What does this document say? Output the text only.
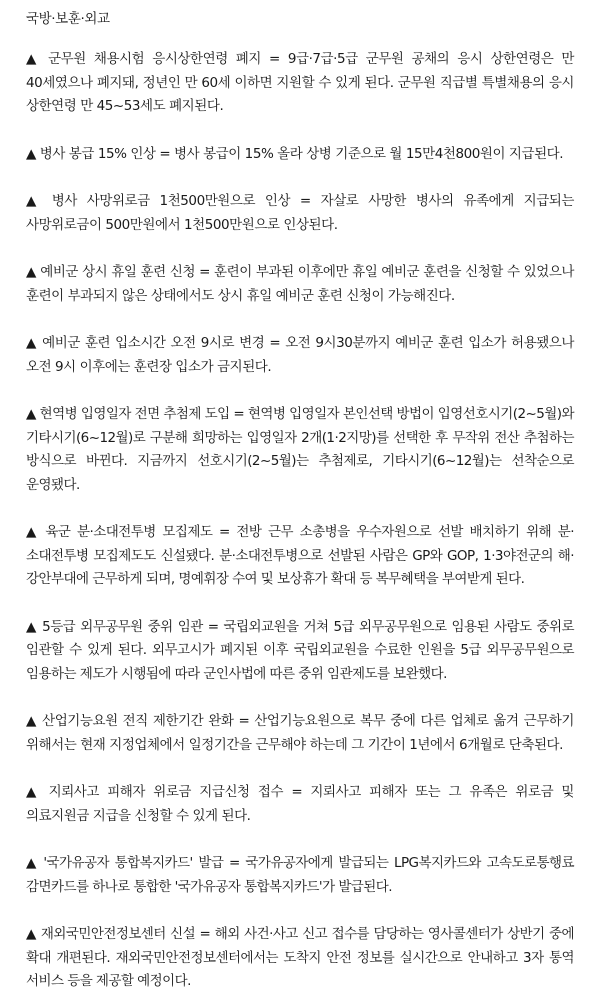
국방·보훈·외교

▲ 군무원 채용시험 응시상한연령 폐지 = 9급·7급·5급 군무원 공채의 응시 상한연령은 만 40세였으나 폐지돼, 정년인 만 60세 이하면 지원할 수 있게 된다. 군무원 직급별 특별채용의 응시 상한연령 만 45~53세도 폐지된다.

▲ 병사 봉급 15% 인상 = 병사 봉급이 15% 올라 상병 기준으로 월 15만4천800원이 지급된다.

▲ 병사 사망위로금 1천500만원으로 인상 = 자살로 사망한 병사의 유족에게 지급되는 사망위로금이 500만원에서 1천500만원으로 인상된다.

▲ 예비군 상시 휴일 훈련 신청 = 훈련이 부과된 이후에만 휴일 예비군 훈련을 신청할 수 있었으나 훈련이 부과되지 않은 상태에서도 상시 휴일 예비군 훈련 신청이 가능해진다.

▲ 예비군 훈련 입소시간 오전 9시로 변경 = 오전 9시30분까지 예비군 훈련 입소가 허용됐으나 오전 9시 이후에는 훈련장 입소가 금지된다.

▲ 현역병 입영일자 전면 추첨제 도입 = 현역병 입영일자 본인선택 방법이 입영선호시기(2~5월)와 기타시기(6~12월)로 구분해 희망하는 입영일자 2개(1·2지망)를 선택한 후 무작위 전산 추첨하는 방식으로 바뀐다. 지금까지 선호시기(2~5월)는 추첨제로, 기타시기(6~12월)는 선착순으로 운영됐다.

▲ 육군 분·소대전투병 모집제도 = 전방 근무 소총병을 우수자원으로 선발 배치하기 위해 분·소대전투병 모집제도도 신설됐다. 분·소대전투병으로 선발된 사람은 GP와 GOP, 1·3야전군의 해·강안부대에 근무하게 되며, 명예휘장 수여 및 보상휴가 확대 등 복무혜택을 부여받게 된다.

▲ 5등급 외무공무원 중위 임관 = 국립외교원을 거쳐 5급 외무공무원으로 임용된 사람도 중위로 임관할 수 있게 된다. 외무고시가 폐지된 이후 국립외교원을 수료한 인원을 5급 외무공무원으로 임용하는 제도가 시행됨에 따라 군인사법에 따른 중위 임관제도를 보완했다.

▲ 산업기능요원 전직 제한기간 완화 = 산업기능요원으로 복무 중에 다른 업체로 옮겨 근무하기 위해서는 현재 지정업체에서 일정기간을 근무해야 하는데 그 기간이 1년에서 6개월로 단축된다.

▲ 지뢰사고 피해자 위로금 지급신청 접수 = 지뢰사고 피해자 또는 그 유족은 위로금 및 의료지원금 지급을 신청할 수 있게 된다.

▲ '국가유공자 통합복지카드' 발급 = 국가유공자에게 발급되는 LPG복지카드와 고속도로통행료 감면카드를 하나로 통합한 '국가유공자 통합복지카드'가 발급된다.

▲ 재외국민안전정보센터 신설 = 해외 사건·사고 신고 접수를 담당하는 영사콜센터가 상반기 중에 확대 개편된다. 재외국민안전정보센터에서는 도착지 안전 정보를 실시간으로 안내하고 3자 통역 서비스 등을 제공할 예정이다.
